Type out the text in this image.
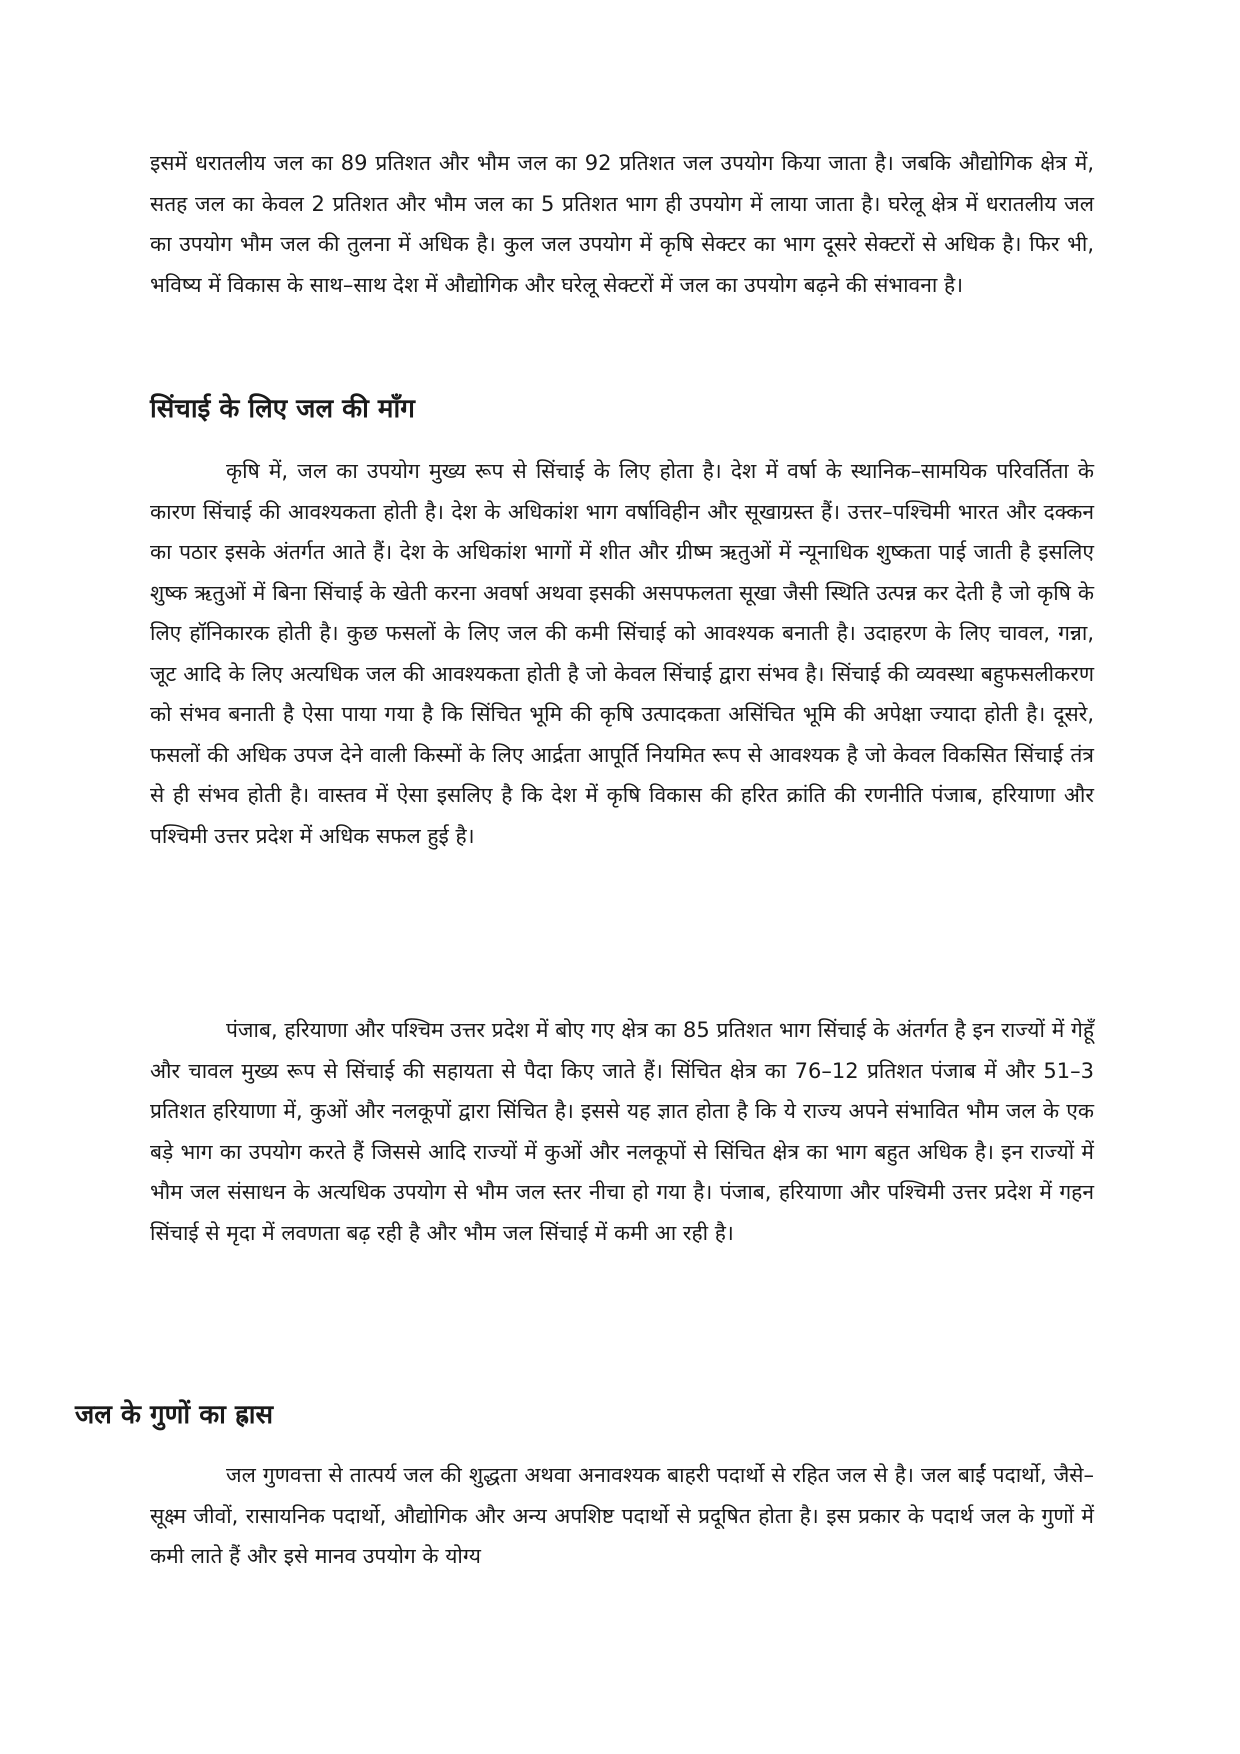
इसमें धरातलीय जल का 89 प्रतिशत और भौम जल का 92 प्रतिशत जल उपयोग किया जाता है। जबकि औद्योगिक क्षेत्र में, सतह जल का केवल 2 प्रतिशत और भौम जल का 5 प्रतिशत भाग ही उपयोग में लाया जाता है। घरेलू क्षेत्र में धरातलीय जल का उपयोग भौम जल की तुलना में अधिक है। कुल जल उपयोग में कृषि सेक्टर का भाग दूसरे सेक्टरों से अधिक है। फिर भी, भविष्य में विकास के साथ–साथ देश में औद्योगिक और घरेलू सेक्टरों में जल का उपयोग बढ़ने की संभावना है।

सिंचाई के लिए जल की माँग

कृषि में, जल का उपयोग मुख्य रूप से सिंचाई के लिए होता है। देश में वर्षा के स्थानिक–सामयिक परिवर्तिता के कारण सिंचाई की आवश्यकता होती है। देश के अधिकांश भाग वर्षाविहीन और सूखाग्रस्त हैं। उत्तर–पश्चिमी भारत और दक्कन का पठार इसके अंतर्गत आते हैं। देश के अधिकांश भागों में शीत और ग्रीष्म ऋतुओं में न्यूनाधिक शुष्कता पाई जाती है इसलिए शुष्क ऋतुओं में बिना सिंचाई के खेती करना अवर्षा अथवा इसकी असपफलता सूखा जैसी स्थिति उत्पन्न कर देती है जो कृषि के लिए हॉनिकारक होती है। कुछ फसलों के लिए जल की कमी सिंचाई को आवश्यक बनाती है। उदाहरण के लिए चावल, गन्ना, जूट आदि के लिए अत्यधिक जल की आवश्यकता होती है जो केवल सिंचाई द्वारा संभव है। सिंचाई की व्यवस्था बहुफसलीकरण को संभव बनाती है ऐसा पाया गया है कि सिंचित भूमि की कृषि उत्पादकता असिंचित भूमि की अपेक्षा ज्यादा होती है। दूसरे, फसलों की अधिक उपज देने वाली किस्मों के लिए आर्द्रता आपूर्ति नियमित रूप से आवश्यक है जो केवल विकसित सिंचाई तंत्र से ही संभव होती है। वास्तव में ऐसा इसलिए है कि देश में कृषि विकास की हरित क्रांति की रणनीति पंजाब, हरियाणा और पश्चिमी उत्तर प्रदेश में अधिक सफल हुई है।

पंजाब, हरियाणा और पश्चिम उत्तर प्रदेश में बोए गए क्षेत्र का 85 प्रतिशत भाग सिंचाई के अंतर्गत है इन राज्यों में गेहूँ और चावल मुख्य रूप से सिंचाई की सहायता से पैदा किए जाते हैं। सिंचित क्षेत्र का 76–12 प्रतिशत पंजाब में और 51–3 प्रतिशत हरियाणा में, कुओं और नलकूपों द्वारा सिंचित है। इससे यह ज्ञात होता है कि ये राज्य अपने संभावित भौम जल के एक बड़े भाग का उपयोग करते हैं जिससे आदि राज्यों में कुओं और नलकूपों से सिंचित क्षेत्र का भाग बहुत अधिक है। इन राज्यों में भौम जल संसाधन के अत्यधिक उपयोग से भौम जल स्तर नीचा हो गया है। पंजाब, हरियाणा और पश्चिमी उत्तर प्रदेश में गहन सिंचाई से मृदा में लवणता बढ़ रही है और भौम जल सिंचाई में कमी आ रही है।

जल के गुणों का ह्रास

जल गुणवत्ता से तात्पर्य जल की शुद्धता अथवा अनावश्यक बाहरी पदार्थो से रहित जल से है। जल बाईं पदार्थो, जैसे–सूक्ष्म जीवों, रासायनिक पदार्थो, औद्योगिक और अन्य अपशिष्ट पदार्थो से प्रदूषित होता है। इस प्रकार के पदार्थ जल के गुणों में कमी लाते हैं और इसे मानव उपयोग के योग्य
